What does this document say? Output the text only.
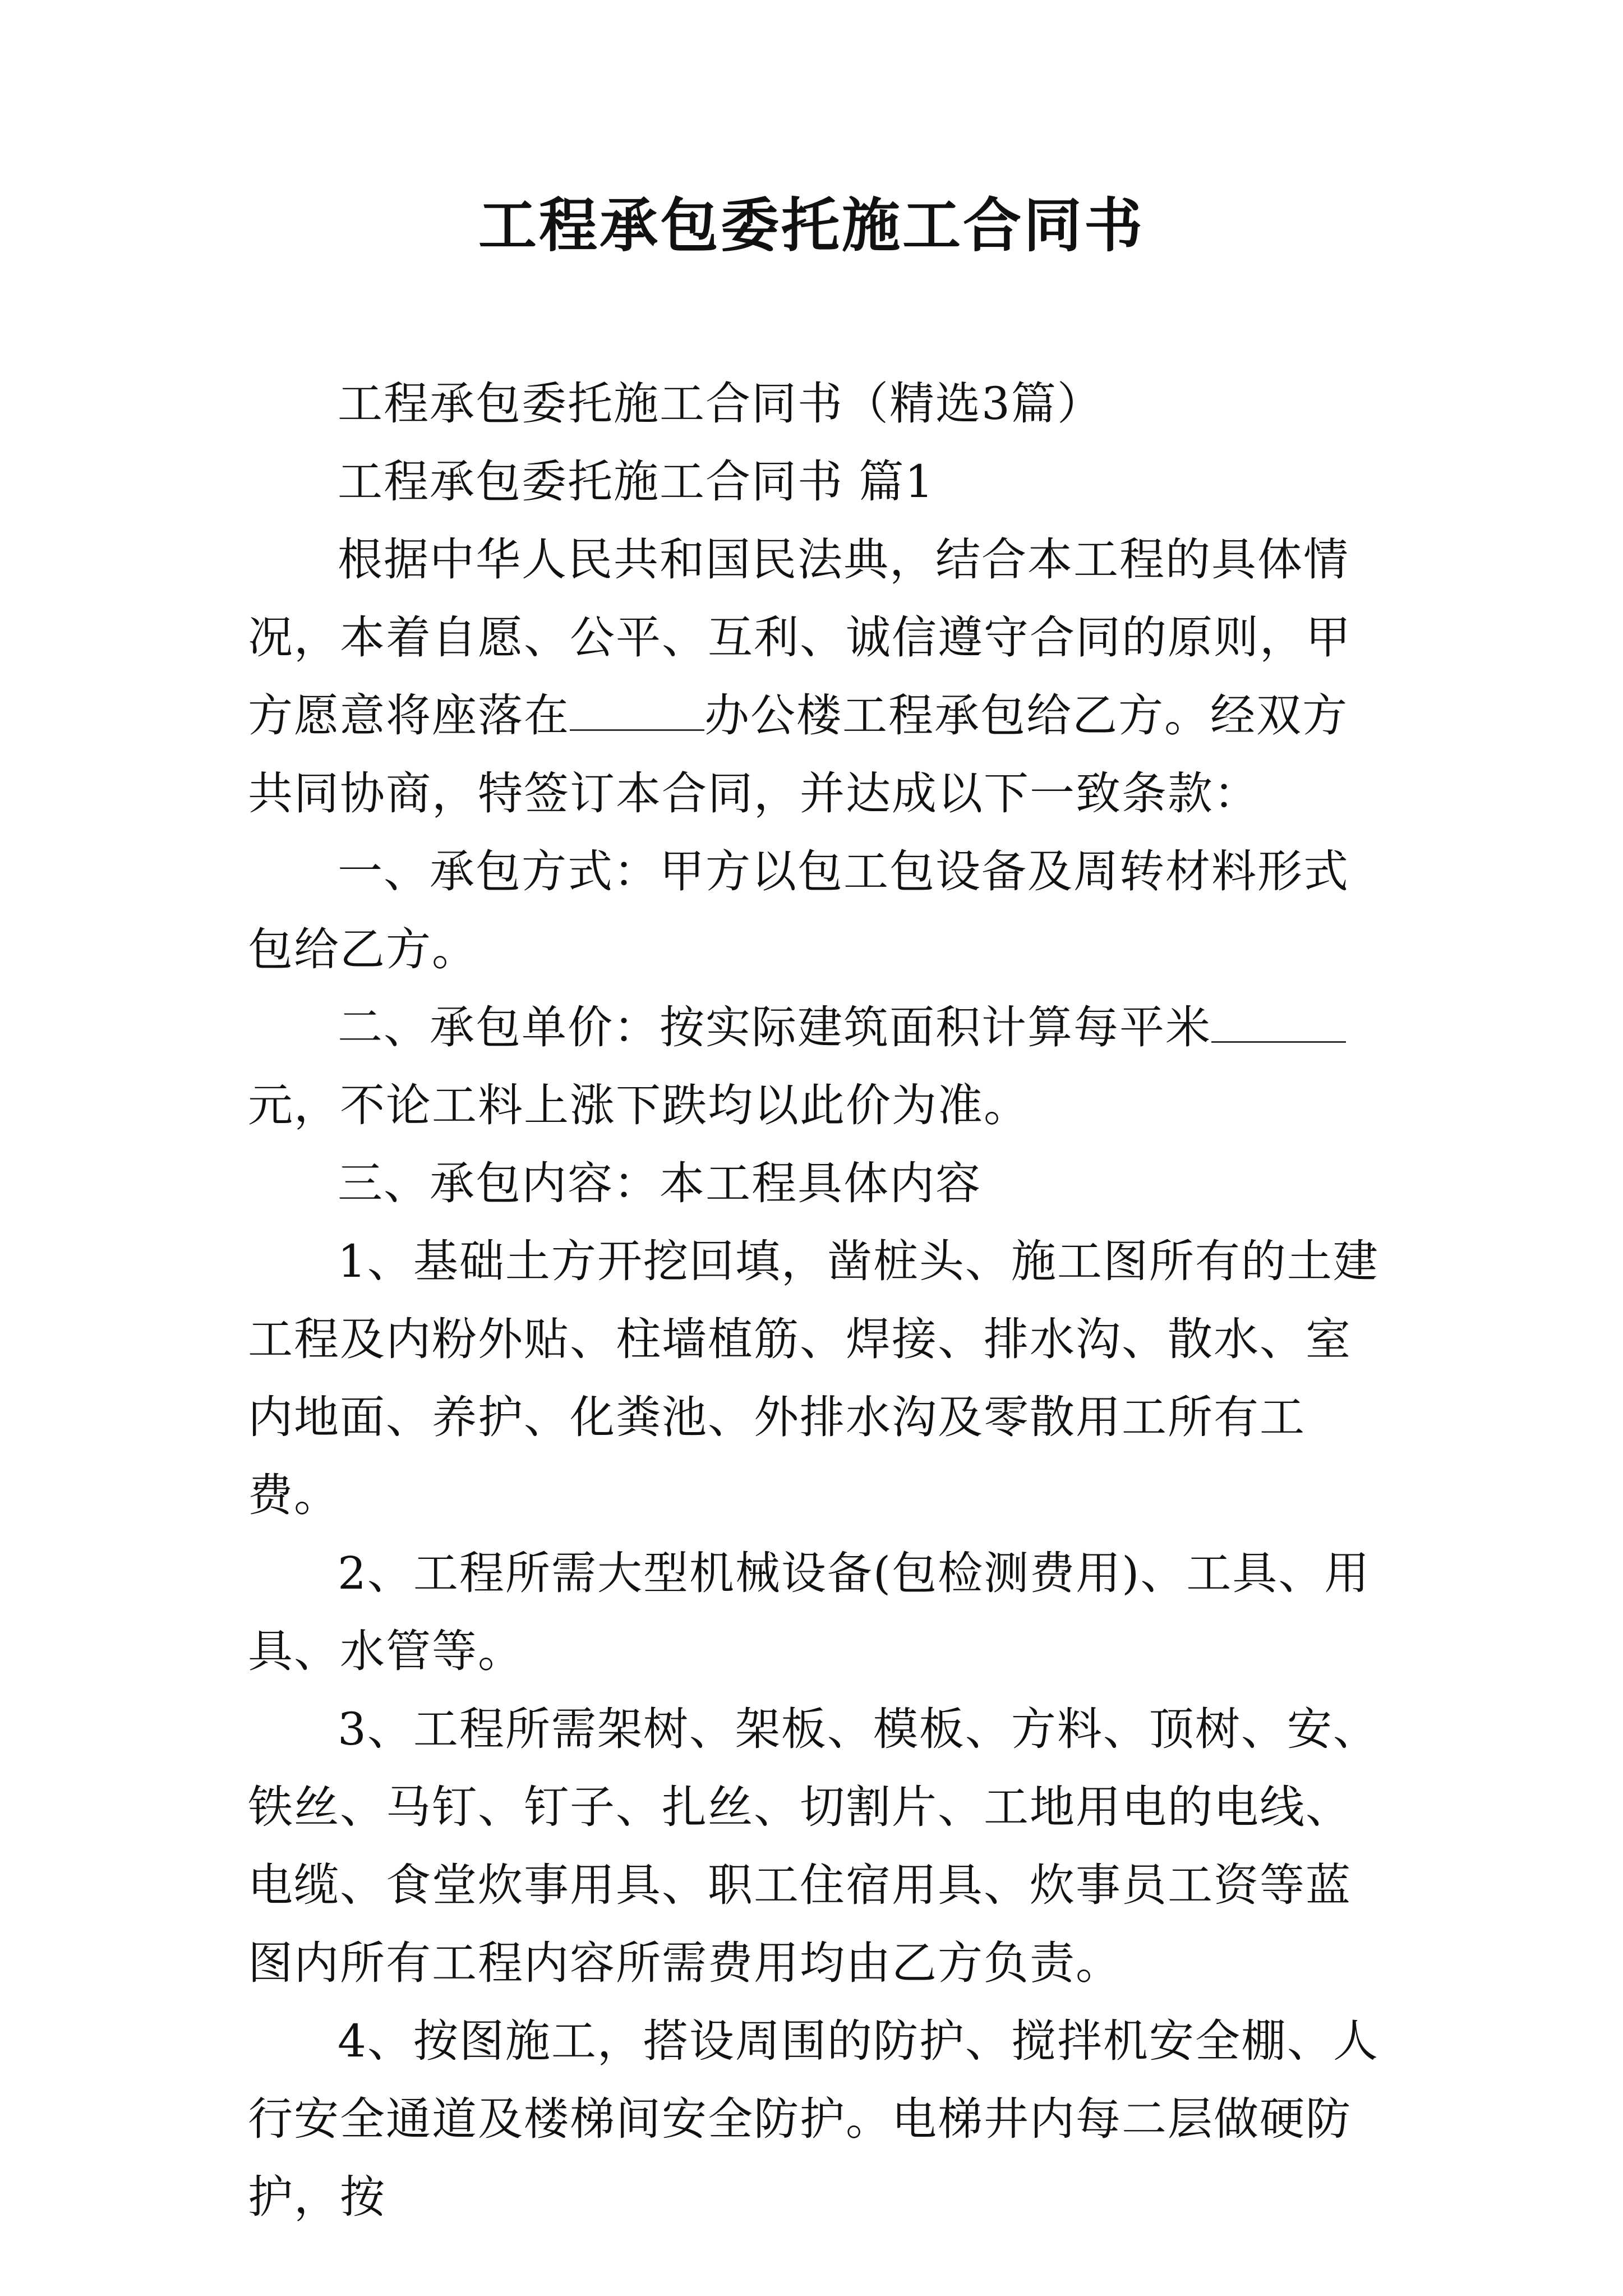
工程承包委托施工合同书

工程承包委托施工合同书（精选3篇）

工程承包委托施工合同书 篇1

根据中华人民共和国民法典，结合本工程的具体情况，本着自愿、公平、互利、诚信遵守合同的原则，甲方愿意将座落在	办公楼工程承包给乙方。经双方共同协商，特签订本合同，并达成以下一致条款：

一、承包方式：甲方以包工包设备及周转材料形式包给乙方。

二、承包单价：按实际建筑面积计算每平米元，不论工料上涨下跌均以此价为准。

三、承包内容：本工程具体内容

1、基础土方开挖回填，凿桩头、施工图所有的土建工程及内粉外贴、柱墙植筋、焊接、排水沟、散水、室内地面、养护、化粪池、外排水沟及零散用工所有工费。

2、工程所需大型机械设备(包检测费用)、工具、用具、水管等。

3、工程所需架树、架板、模板、方料、顶树、安、铁丝、马钉、钉子、扎丝、切割片、工地用电的电线、电缆、食堂炊事用具、职工住宿用具、炊事员工资等蓝图内所有工程内容所需费用均由乙方负责。

4、按图施工，搭设周围的防护、搅拌机安全棚、人行安全通道及楼梯间安全防护。电梯井内每二层做硬防护，按
